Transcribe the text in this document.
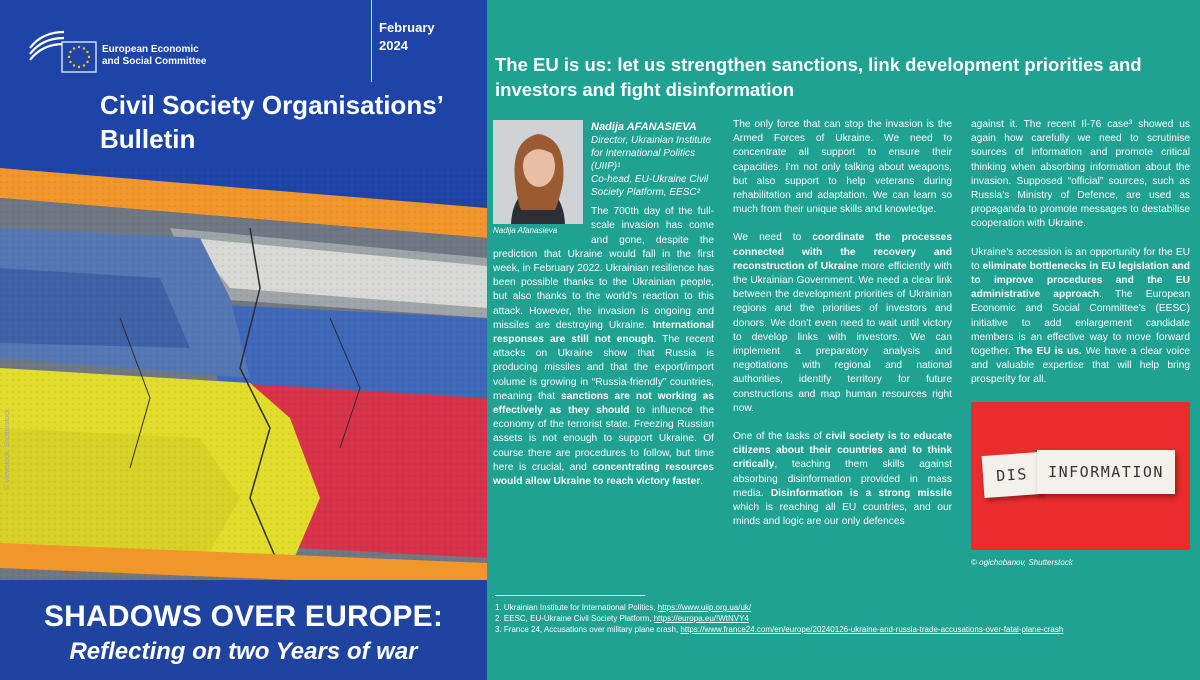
European Economic
and Social Committee
February
2024
Civil Society Organisations’
Bulletin
© Viewstock, Shutterstock
SHADOWS OVER EUROPE:
Reflecting on two Years of war
The EU is us: let us strengthen sanctions, link development priorities and
investors and fight disinformation
Nadija AFANASIEVA
Director, Ukrainian Institute for International Politics (UIIP)¹
Co-head, EU-Ukraine Civil Society Platform, EESC²
Nadija Afanasieva

The 700th day of the full-scale invasion has come and gone, despite the prediction that Ukraine would fall in the first week, in February 2022. Ukrainian resilience has been possible thanks to the Ukrainian people, but also thanks to the world’s reaction to this attack. However, the invasion is ongoing and missiles are destroying Ukraine. International responses are still not enough. The recent attacks on Ukraine show that Russia is producing missiles and that the export/import volume is growing in “Russia-friendly” countries, meaning that sanctions are not working as effectively as they should to influence the economy of the terrorist state. Freezing Russian assets is not enough to support Ukraine. Of course there are procedures to follow, but time here is crucial, and concentrating resources would allow Ukraine to reach victory faster.

The only force that can stop the invasion is the Armed Forces of Ukraine. We need to concentrate all support to ensure their capacities. I’m not only talking about weapons, but also support to help veterans during rehabilitation and adaptation. We can learn so much from their unique skills and knowledge.

We need to coordinate the processes connected with the recovery and reconstruction of Ukraine more efficiently with the Ukrainian Government. We need a clear link between the development priorities of Ukrainian regions and the priorities of investors and donors. We don’t even need to wait until victory to develop links with investors. We can implement a preparatory analysis and negotiations with regional and national authorities, identify territory for future constructions and map human resources right now.

One of the tasks of civil society is to educate citizens about their countries and to think critically, teaching them skills against absorbing disinformation provided in mass media. Disinformation is a strong missile which is reaching all EU countries, and our minds and logic are our only defences

against it. The recent Il-76 case³ showed us again how carefully we need to scrutinise sources of information and promote critical thinking when absorbing information about the invasion. Supposed “official” sources, such as Russia’s Ministry of Defence, are used as propaganda to promote messages to destabilise cooperation with Ukraine.

Ukraine’s accession is an opportunity for the EU to eliminate bottlenecks in EU legislation and to improve procedures and the EU administrative approach. The European Economic and Social Committee’s (EESC) initiative to add enlargement candidate members is an effective way to move forward together. The EU is us. We have a clear voice and valuable expertise that will help bring prosperity for all.

DIS	INFORMATION
© ogichobanov, Shutterstock
1. Ukrainian Institute for International Politics, https://www.uiip.org.ua/uk/
2. EESC, EU-Ukraine Civil Society Platform, https://europa.eu/!WtNVY4
3. France 24, Accusations over military plane crash, https://www.france24.com/en/europe/20240126-ukraine-and-russia-trade-accusations-over-fatal-plane-crash
